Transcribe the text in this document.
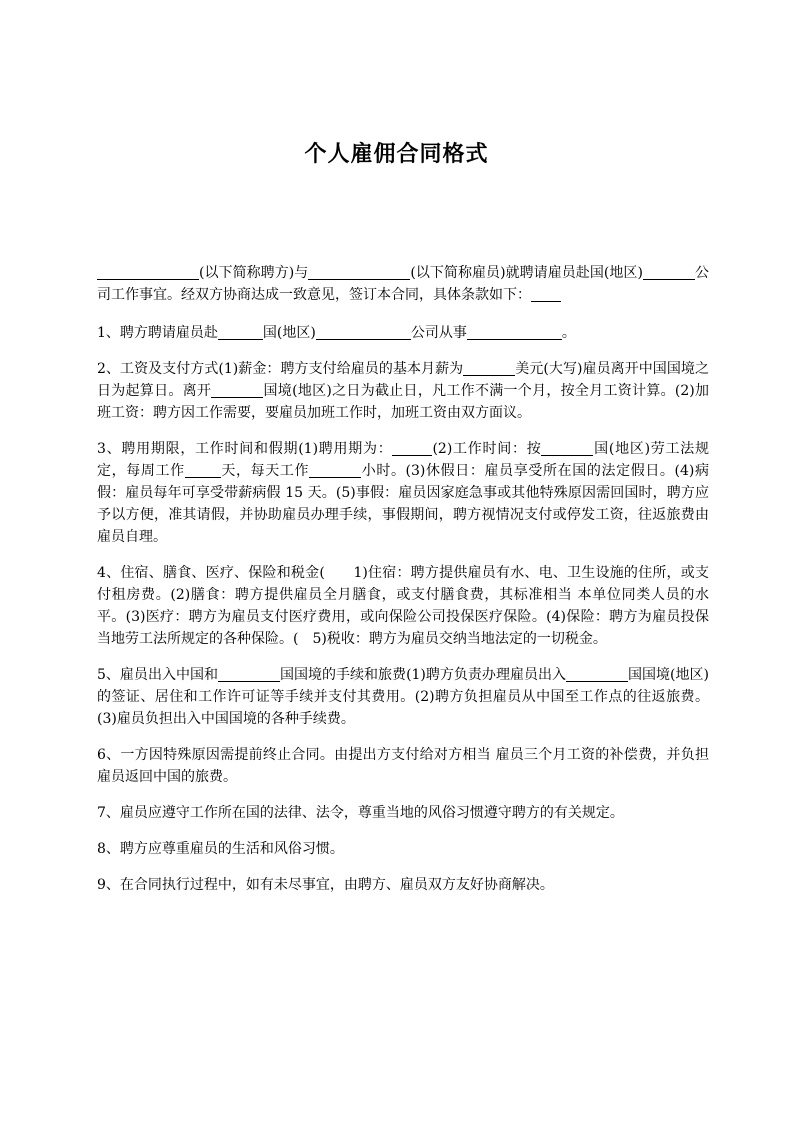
个人雇佣合同格式

(以下简称聘方)与	(以下简称雇员)就聘请雇员赴国(地区)	公司工作事宜。经双方协商达成一致意见，签订本合同，具体条款如下：

1、聘方聘请雇员赴	国(地区)	公司从事	。

2、工资及支付方式(1)薪金：聘方支付给雇员的基本月薪为	美元(大写)雇员离开中国国境之日为起算日。离开	国境(地区)之日为截止日，凡工作不满一个月，按全月工资计算。(2)加班工资：聘方因工作需要，要雇员加班工作时，加班工资由双方面议。

3、聘用期限，工作时间和假期(1)聘用期为：	(2)工作时间：按	国(地区)劳工法规定，每周工作	天，每天工作	小时。(3)休假日：雇员享受所在国的法定假日。(4)病假：雇员每年可享受带薪病假 15 天。(5)事假：雇员因家庭急事或其他特殊原因需回国时，聘方应予以方便，准其请假，并协助雇员办理手续，事假期间，聘方视情况支付或停发工资，往返旅费由雇员自理。

4、住宿、膳食、医疗、保险和税金(　　1)住宿：聘方提供雇员有水、电、卫生设施的住所，或支付租房费。(2)膳食：聘方提供雇员全月膳食，或支付膳食费，其标准相当 本单位同类人员的水平。(3)医疗：聘方为雇员支付医疗费用，或向保险公司投保医疗保险。(4)保险：聘方为雇员投保当地劳工法所规定的各种保险。(　5)税收：聘方为雇员交纳当地法定的一切税金。

5、雇员出入中国和	国国境的手续和旅费(1)聘方负责办理雇员出入	国国境(地区)的签证、居住和工作许可证等手续并支付其费用。(2)聘方负担雇员从中国至工作点的往返旅费。(3)雇员负担出入中国国境的各种手续费。

6、一方因特殊原因需提前终止合同。由提出方支付给对方相当 雇员三个月工资的补偿费，并负担雇员返回中国的旅费。

7、雇员应遵守工作所在国的法律、法令，尊重当地的风俗习惯遵守聘方的有关规定。

8、聘方应尊重雇员的生活和风俗习惯。

9、在合同执行过程中，如有未尽事宜，由聘方、雇员双方友好协商解决。
